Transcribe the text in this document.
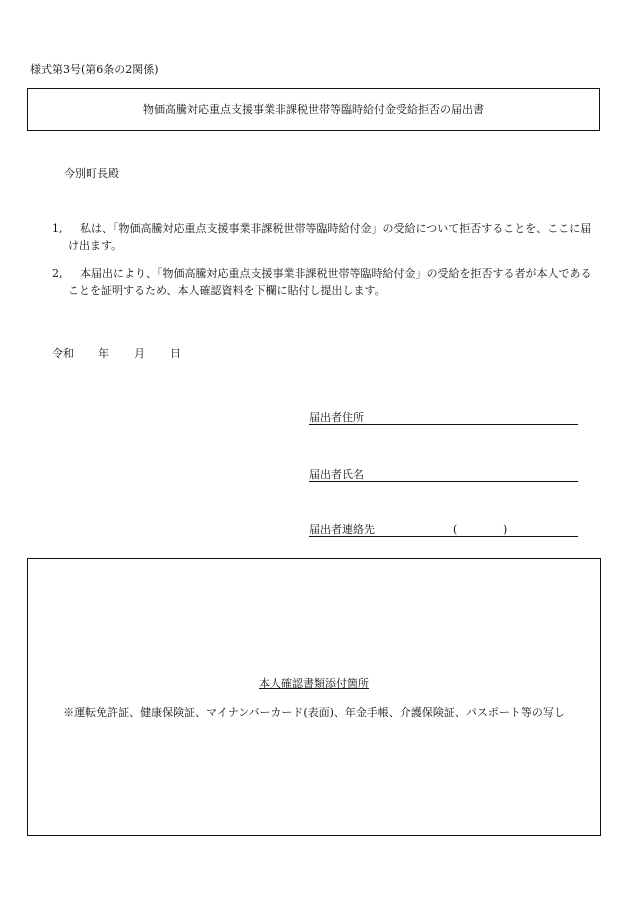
様式第3号(第6条の2関係)
物価高騰対応重点支援事業非課税世帯等臨時給付金受給拒否の届出書
今別町長殿
1,	私は、「物価高騰対応重点支援事業非課税世帯等臨時給付金」の受給について拒否することを、ここに届け出ます。
2,	本届出により、「物価高騰対応重点支援事業非課税世帯等臨時給付金」の受給を拒否する者が本人であることを証明するため、本人確認資料を下欄に貼付し提出します。
令和 年 月 日
届出者住所
届出者氏名
届出者連絡先	(	)
本人確認書類添付箇所
※運転免許証、健康保険証、マイナンバーカード(表面)、年金手帳、介護保険証、パスポート等の写し
